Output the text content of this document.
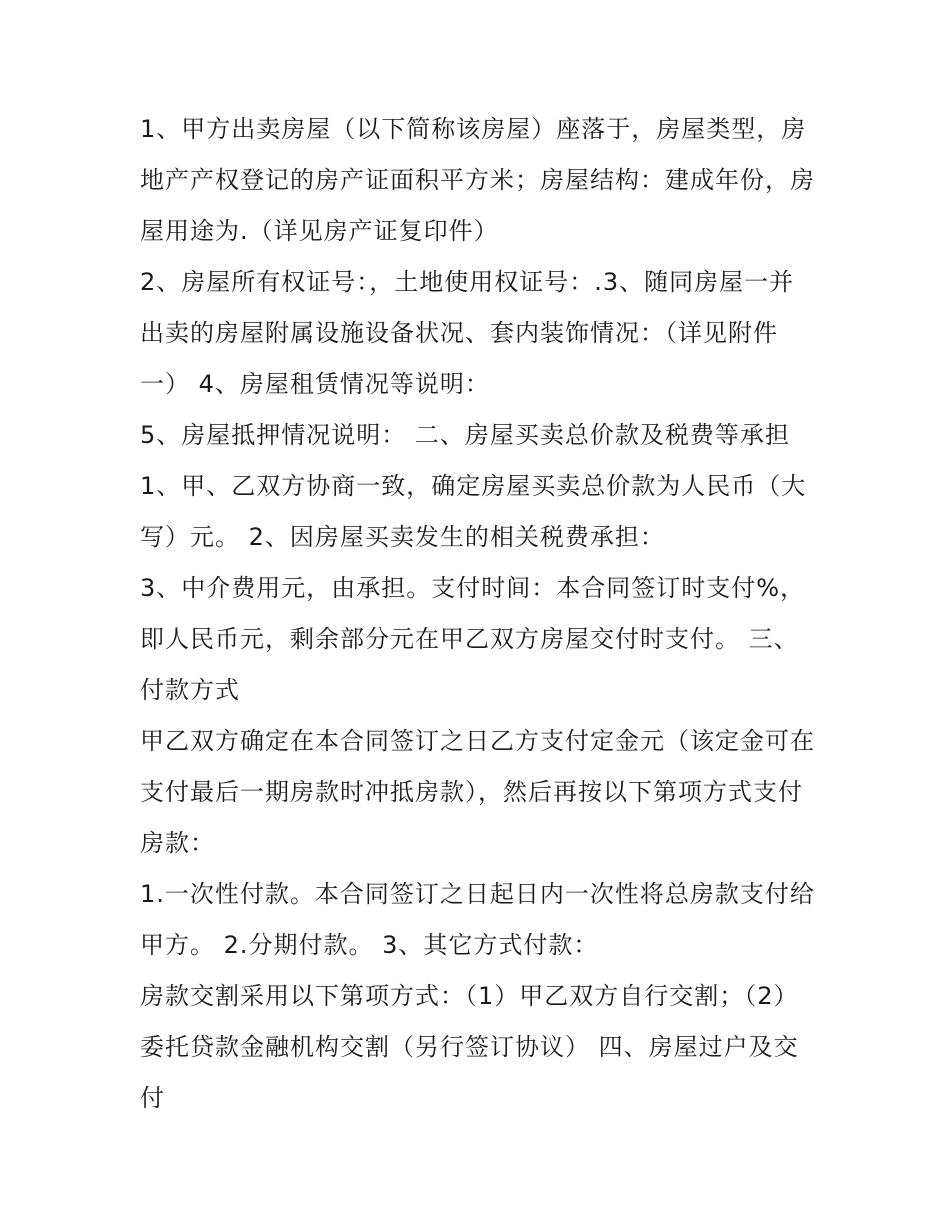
1、甲方出卖房屋（以下简称该房屋）座落于，房屋类型，房
地产产权登记的房产证面积平方米；房屋结构：建成年份，房
屋用途为.（详见房产证复印件）
2、房屋所有权证号：，土地使用权证号：.3、随同房屋一并
出卖的房屋附属设施设备状况、套内装饰情况：（详见附件
一） 4、房屋租赁情况等说明：
5、房屋抵押情况说明： 二、房屋买卖总价款及税费等承担
1、甲、乙双方协商一致，确定房屋买卖总价款为人民币（大
写）元。 2、因房屋买卖发生的相关税费承担：
3、中介费用元，由承担。支付时间：本合同签订时支付%，
即人民币元，剩余部分元在甲乙双方房屋交付时支付。 三、
付款方式
甲乙双方确定在本合同签订之日乙方支付定金元（该定金可在
支付最后一期房款时冲抵房款），然后再按以下第项方式支付
房款：
1.一次性付款。本合同签订之日起日内一次性将总房款支付给
甲方。 2.分期付款。 3、其它方式付款：
房款交割采用以下第项方式：（1）甲乙双方自行交割；（2）
委托贷款金融机构交割（另行签订协议） 四、房屋过户及交
付
